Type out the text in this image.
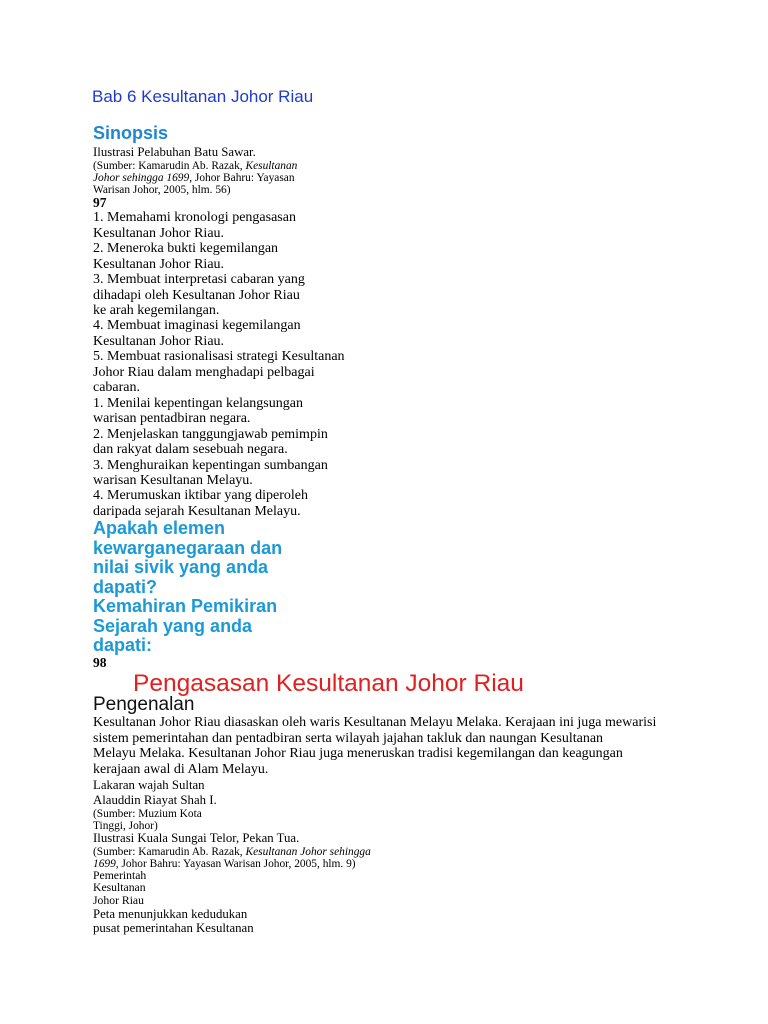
Bab 6 Kesultanan Johor Riau
Sinopsis
Ilustrasi Pelabuhan Batu Sawar.
(Sumber: Kamarudin Ab. Razak, Kesultanan
Johor sehingga 1699, Johor Bahru: Yayasan
Warisan Johor, 2005, hlm. 56)
97
1. Memahami kronologi pengasasan
Kesultanan Johor Riau.
2. Meneroka bukti kegemilangan
Kesultanan Johor Riau.
3. Membuat interpretasi cabaran yang
dihadapi oleh Kesultanan Johor Riau
ke arah kegemilangan.
4. Membuat imaginasi kegemilangan
Kesultanan Johor Riau.
5. Membuat rasionalisasi strategi Kesultanan
Johor Riau dalam menghadapi pelbagai
cabaran.
1. Menilai kepentingan kelangsungan
warisan pentadbiran negara.
2. Menjelaskan tanggungjawab pemimpin
dan rakyat dalam sesebuah negara.
3. Menghuraikan kepentingan sumbangan
warisan Kesultanan Melayu.
4. Merumuskan iktibar yang diperoleh
daripada sejarah Kesultanan Melayu.
Apakah elemen
kewarganegaraan dan
nilai sivik yang anda
dapati?
Kemahiran Pemikiran
Sejarah yang anda
dapati:
98
Pengasasan Kesultanan Johor Riau
Pengenalan
Kesultanan Johor Riau diasaskan oleh waris Kesultanan Melayu Melaka. Kerajaan ini juga mewarisi
sistem pemerintahan dan pentadbiran serta wilayah jajahan takluk dan naungan Kesultanan
Melayu Melaka. Kesultanan Johor Riau juga meneruskan tradisi kegemilangan dan keagungan
kerajaan awal di Alam Melayu.
Lakaran wajah Sultan
Alauddin Riayat Shah I.
(Sumber: Muzium Kota
Tinggi, Johor)
Ilustrasi Kuala Sungai Telor, Pekan Tua.
(Sumber: Kamarudin Ab. Razak, Kesultanan Johor sehingga
1699, Johor Bahru: Yayasan Warisan Johor, 2005, hlm. 9)
Pemerintah
Kesultanan
Johor Riau
Peta menunjukkan kedudukan
pusat pemerintahan Kesultanan
